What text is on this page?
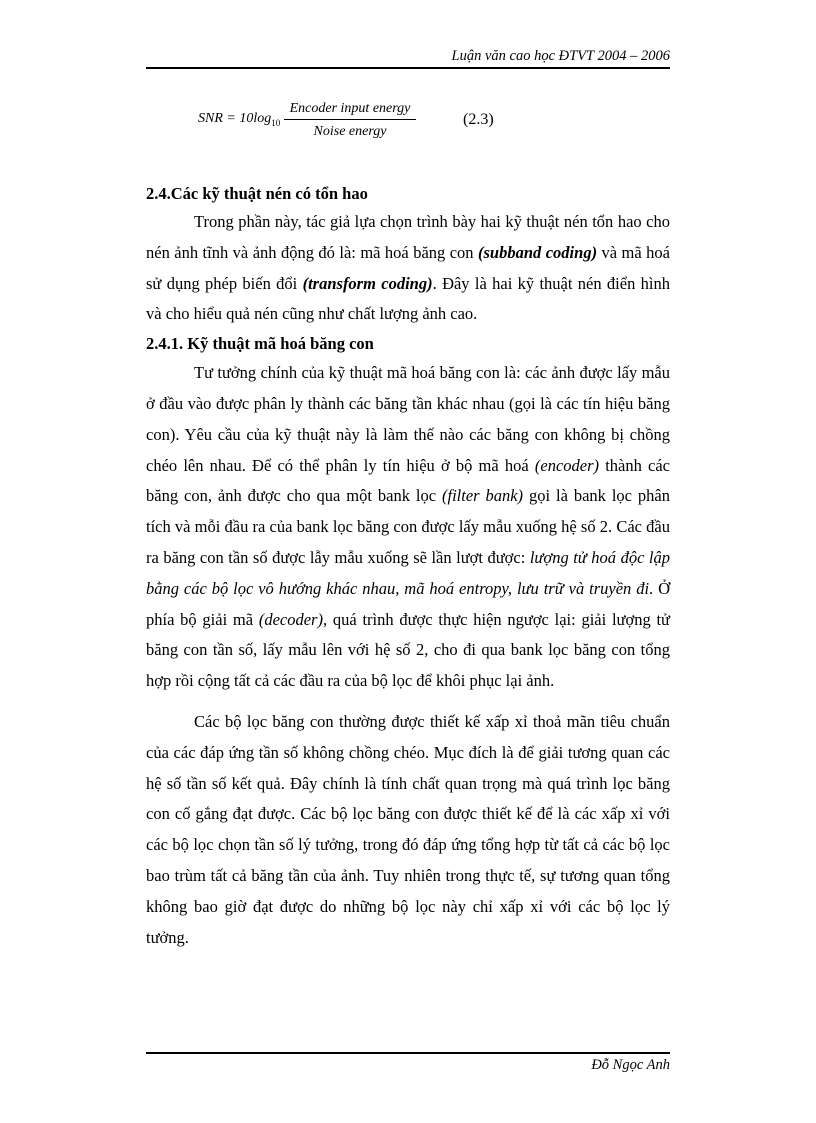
Luận văn cao học ĐTVT 2004 – 2006
SNR = $10\log_{10}$
Encoder input energy
Noise energy
(2.3)

2.4.Các kỹ thuật nén có tổn hao

Trong phần này, tác giả lựa chọn trình bày hai kỹ thuật nén tổn hao cho nén ảnh tĩnh và ảnh động đó là: mã hoá băng con (subband coding) và mã hoá sử dụng phép biến đổi (transform coding). Đây là hai kỹ thuật nén điển hình và cho hiểu quả nén cũng như chất lượng ảnh cao.

2.4.1. Kỹ thuật mã hoá băng con

Tư tưởng chính của kỹ thuật mã hoá băng con là: các ảnh được lấy mẫu ở đầu vào được phân ly thành các băng tần khác nhau (gọi là các tín hiệu băng con). Yêu cầu của kỹ thuật này là làm thế nào các băng con không bị chồng chéo lên nhau. Để có thể phân ly tín hiệu ở bộ mã hoá (encoder) thành các băng con, ảnh được cho qua một bank lọc (filter bank) gọi là bank lọc phân tích và mỗi đầu ra của bank lọc băng con được lấy mẫu xuống hệ số 2. Các đầu ra băng con tần số được lẫy mẫu xuống sẽ lần lượt được: lượng tử hoá độc lập bằng các bộ lọc vô hướng khác nhau, mã hoá entropy, lưu trữ và truyền đi. Ở phía bộ giải mã (decoder), quá trình được thực hiện ngược lại: giải lượng tử băng con tần số, lấy mẫu lên với hệ số 2, cho đi qua bank lọc băng con tổng hợp rồi cộng tất cả các đầu ra của bộ lọc để khôi phục lại ảnh.

Các bộ lọc băng con thường được thiết kế xấp xỉ thoả mãn tiêu chuẩn của các đáp ứng tần số không chồng chéo. Mục đích là để giải tương quan các hệ số tần số kết quả. Đây chính là tính chất quan trọng mà quá trình lọc băng con cố gắng đạt được. Các bộ lọc băng con được thiết kế để là các xấp xỉ với các bộ lọc chọn tần số lý tưởng, trong đó đáp ứng tổng hợp từ tất cả các bộ lọc bao trùm tất cả băng tần của ảnh. Tuy nhiên trong thực tế, sự tương quan tổng không bao giờ đạt được do những bộ lọc này chỉ xấp xỉ với các bộ lọc lý tưởng.

Đỗ Ngọc Anh
